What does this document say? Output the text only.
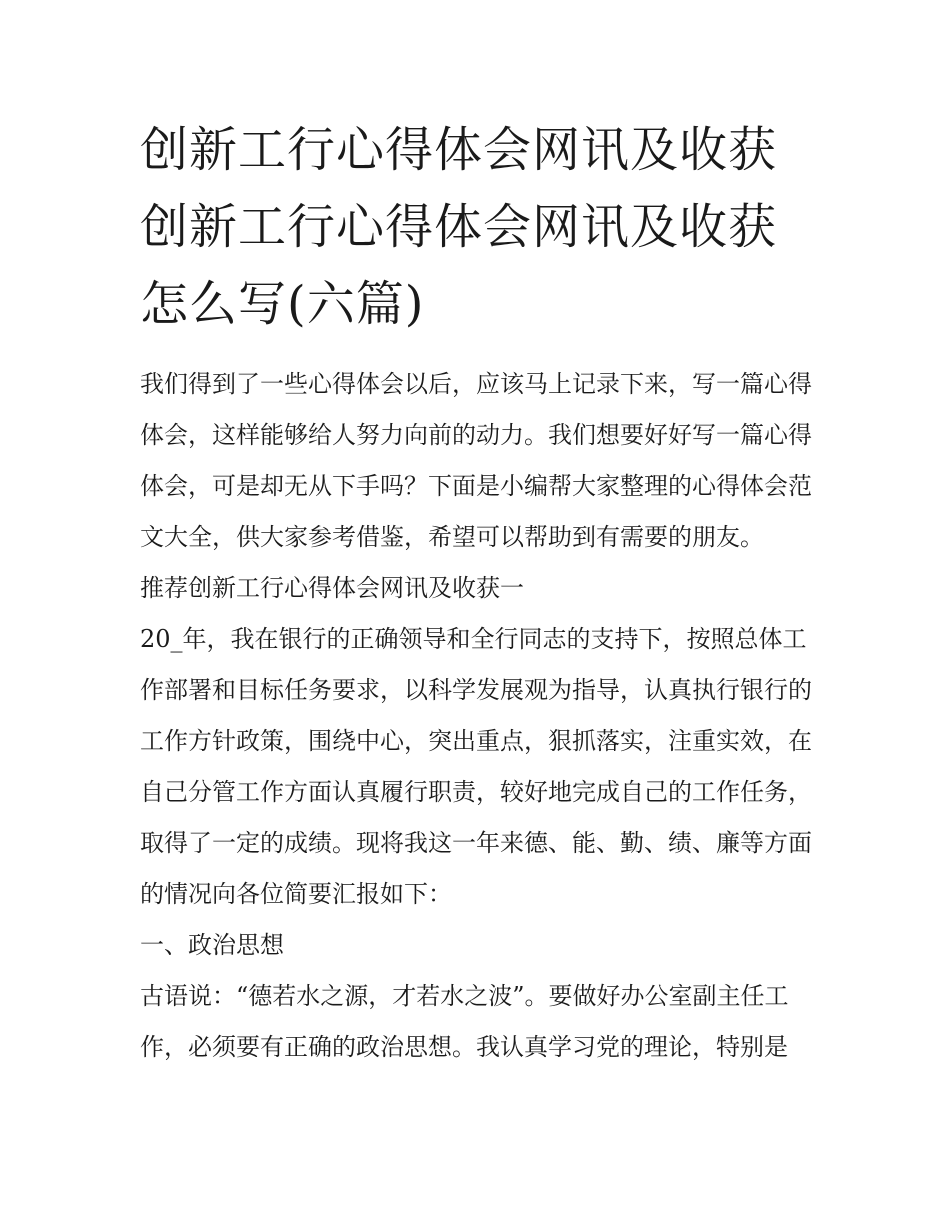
创新工行心得体会网讯及收获创新工行心得体会网讯及收获怎么写(六篇)

我们得到了一些心得体会以后，应该马上记录下来，写一篇心得体会，这样能够给人努力向前的动力。我们想要好好写一篇心得体会，可是却无从下手吗？下面是小编帮大家整理的心得体会范文大全，供大家参考借鉴，希望可以帮助到有需要的朋友。

推荐创新工行心得体会网讯及收获一

20_年，我在银行的正确领导和全行同志的支持下，按照总体工作部署和目标任务要求，以科学发展观为指导，认真执行银行的工作方针政策，围绕中心，突出重点，狠抓落实，注重实效，在自己分管工作方面认真履行职责，较好地完成自己的工作任务，取得了一定的成绩。现将我这一年来德、能、勤、绩、廉等方面的情况向各位简要汇报如下：

一、政治思想

古语说：“德若水之源，才若水之波”。要做好办公室副主任工作，必须要有正确的政治思想。我认真学习党的理论，特别是
